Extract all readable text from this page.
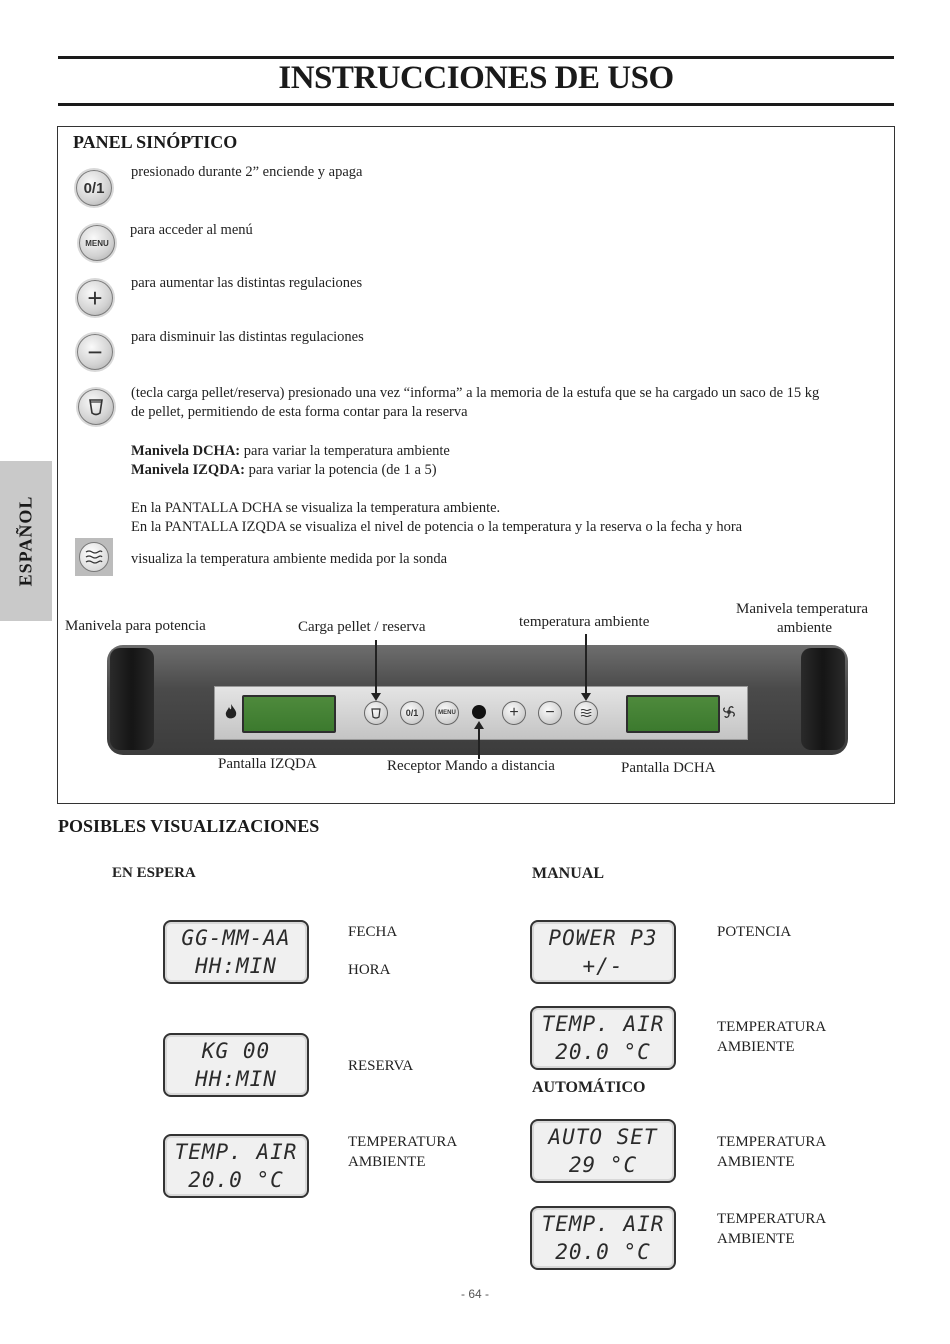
INSTRUCCIONES DE USO
ESPAÑOL
PANEL SINÓPTICO
0/1
presionado durante 2” enciende y apaga
MENU
para acceder al menú
+ para aumentar las distintas regulaciones
− para disminuir las distintas regulaciones
(tecla carga pellet/reserva) presionado una vez “informa” a la memoria de la estufa que se ha cargado un saco de 15 kg
de pellet, permitiendo de esta forma contar para la reserva
Manivela DCHA: para variar la temperatura ambiente
Manivela IZQDA: para variar la potencia (de 1 a 5)
En la PANTALLA DCHA se visualiza la temperatura ambiente.
En la PANTALLA IZQDA se visualiza el nivel de potencia o la temperatura y la reserva o la fecha y hora
visualiza la temperatura ambiente medida por la sonda
Manivela para potencia	Carga pellet / reserva	temperatura ambiente
Manivela temperatura
ambiente
0/1	MENU	+	−
Pantalla IZQDA	Receptor Mando a distancia	Pantalla DCHA
POSIBLES VISUALIZACIONES
EN ESPERA	MANUAL
GG-MM-AA
HH:MIN
FECHA
HORA
KG 00
HH:MIN
RESERVA
TEMP. AIR
20.0 °C
TEMPERATURA
AMBIENTE
POWER P3
+/-
POTENCIA
TEMP. AIR
20.0 °C
TEMPERATURA
AMBIENTE
AUTOMÁTICO
AUTO SET
29 °C
TEMPERATURA
AMBIENTE
TEMP. AIR
20.0 °C
TEMPERATURA
AMBIENTE
- 64 -
